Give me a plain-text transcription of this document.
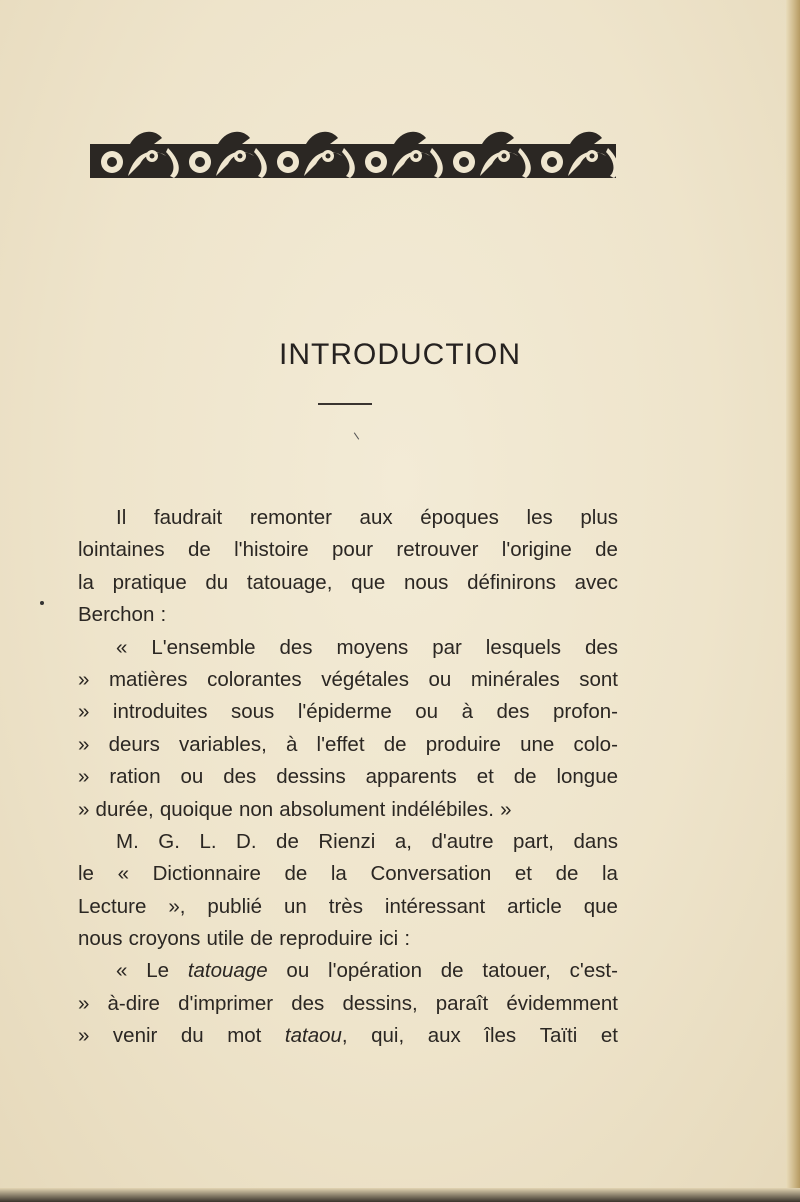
INTRODUCTION
Il faudrait remonter aux époques les plus
lointaines de l'histoire pour retrouver l'origine de
la pratique du tatouage, que nous définirons avec
Berchon :
« L'ensemble des moyens par lesquels des
» matières colorantes végétales ou minérales sont
» introduites sous l'épiderme ou à des profon-
» deurs variables, à l'effet de produire une colo-
» ration ou des dessins apparents et de longue
» durée, quoique non absolument indélébiles. »
M. G. L. D. de Rienzi a, d'autre part, dans
le « Dictionnaire de la Conversation et de la
Lecture », publié un très intéressant article que
nous croyons utile de reproduire ici :
« Le tatouage ou l'opération de tatouer, c'est-
» à-dire d'imprimer des dessins, paraît évidemment
» venir du mot tataou, qui, aux îles Taïti et
